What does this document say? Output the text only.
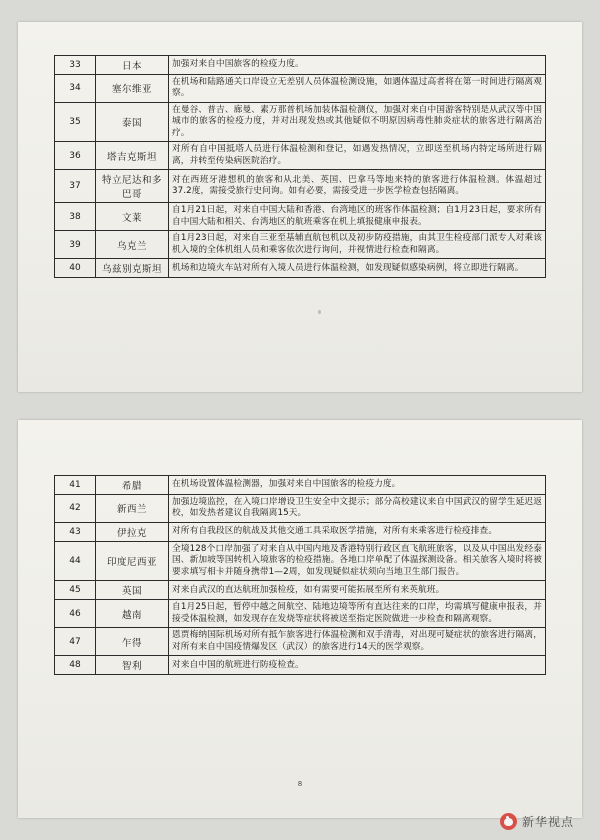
33	日本	加强对来自中国旅客的检疫力度。
34	塞尔维亚	在机场和陆路通关口岸设立无差别人员体温检测设施，如遇体温过高者将在第一时间进行隔离观察。
35	泰国	在曼谷、普吉、廊曼、素万那普机场加装体温检测仪，加强对来自中国游客特别是从武汉等中国城市的旅客的检疫力度，并对出现发热或其他疑似不明原因病毒性肺炎症状的旅客进行隔离治疗。
36	塔吉克斯坦	对所有自中国抵塔人员进行体温检测和登记，如遇发热情况，立即送至机场内特定场所进行隔离，并转至传染病医院治疗。
37	特立尼达和多巴哥	对在西班牙港想机的旅客和从北美、英国、巴拿马等地来特的旅客进行体温检测。体温超过37.2度，需接受旅行史问询。如有必要，需接受进一步医学检查包括隔离。
38	文莱	自1月21日起，对来自中国大陆和香港、台湾地区的班客作体温检测；自1月23日起，要求所有自中国大陆和相关、台湾地区的航班乘客在机上填报健康申报表。
39	乌克兰	自1月23日起，对来自三亚至基辅直航包机以及初步防疫措施，由其卫生检疫部门派专人对乘该机入境的全体机组人员和乘客依次进行询问，并视情进行检查和隔离。
40	乌兹别克斯坦	机场和边境火车站对所有入境人员进行体温检测，如发现疑似感染病例，将立即进行隔离。
41	希腊	在机场设置体温检测器，加强对来自中国旅客的检疫力度。
42	新西兰	加强边境监控，在入境口岸增设卫生安全中文提示；部分高校建议来自中国武汉的留学生延迟返校，如发热者建议自我隔离15天。
43	伊拉克	对所有自我段区的航战及其他交通工具采取医学措施，对所有来乘客进行检疫排查。
44	印度尼西亚	全境128个口岸加强了对来自从中国内地及香港特别行政区直飞航班旅客，以及从中国出发经泰国、新加坡等国转机入境旅客的检疫措施。各地口岸单配了体温探测设备。相关旅客入境时将被要求填写相卡并随身携带1—2周，如发现疑似症状须向当地卫生部门报告。
45	英国	对来自武汉的直达航班加强检疫，如有需要可能拓展至所有来英航班。
46	越南	自1月25日起，暂停中越之间航空、陆地边境等所有直达往来的口岸，均需填写健康申报表，并接受体温检测，如发现存在发烧等症状将被送至指定医院做进一步检查和隔离观察。
47	乍得	恩贾梅纳国际机场对所有抵乍旅客进行体温检测和双手清毒，对出现可疑症状的旅客进行隔离，对所有来自中国疫情爆发区（武汉）的旅客进行14天的医学观察。
48	智利	对来自中国的航班进行防疫检查。
8
新华视点
